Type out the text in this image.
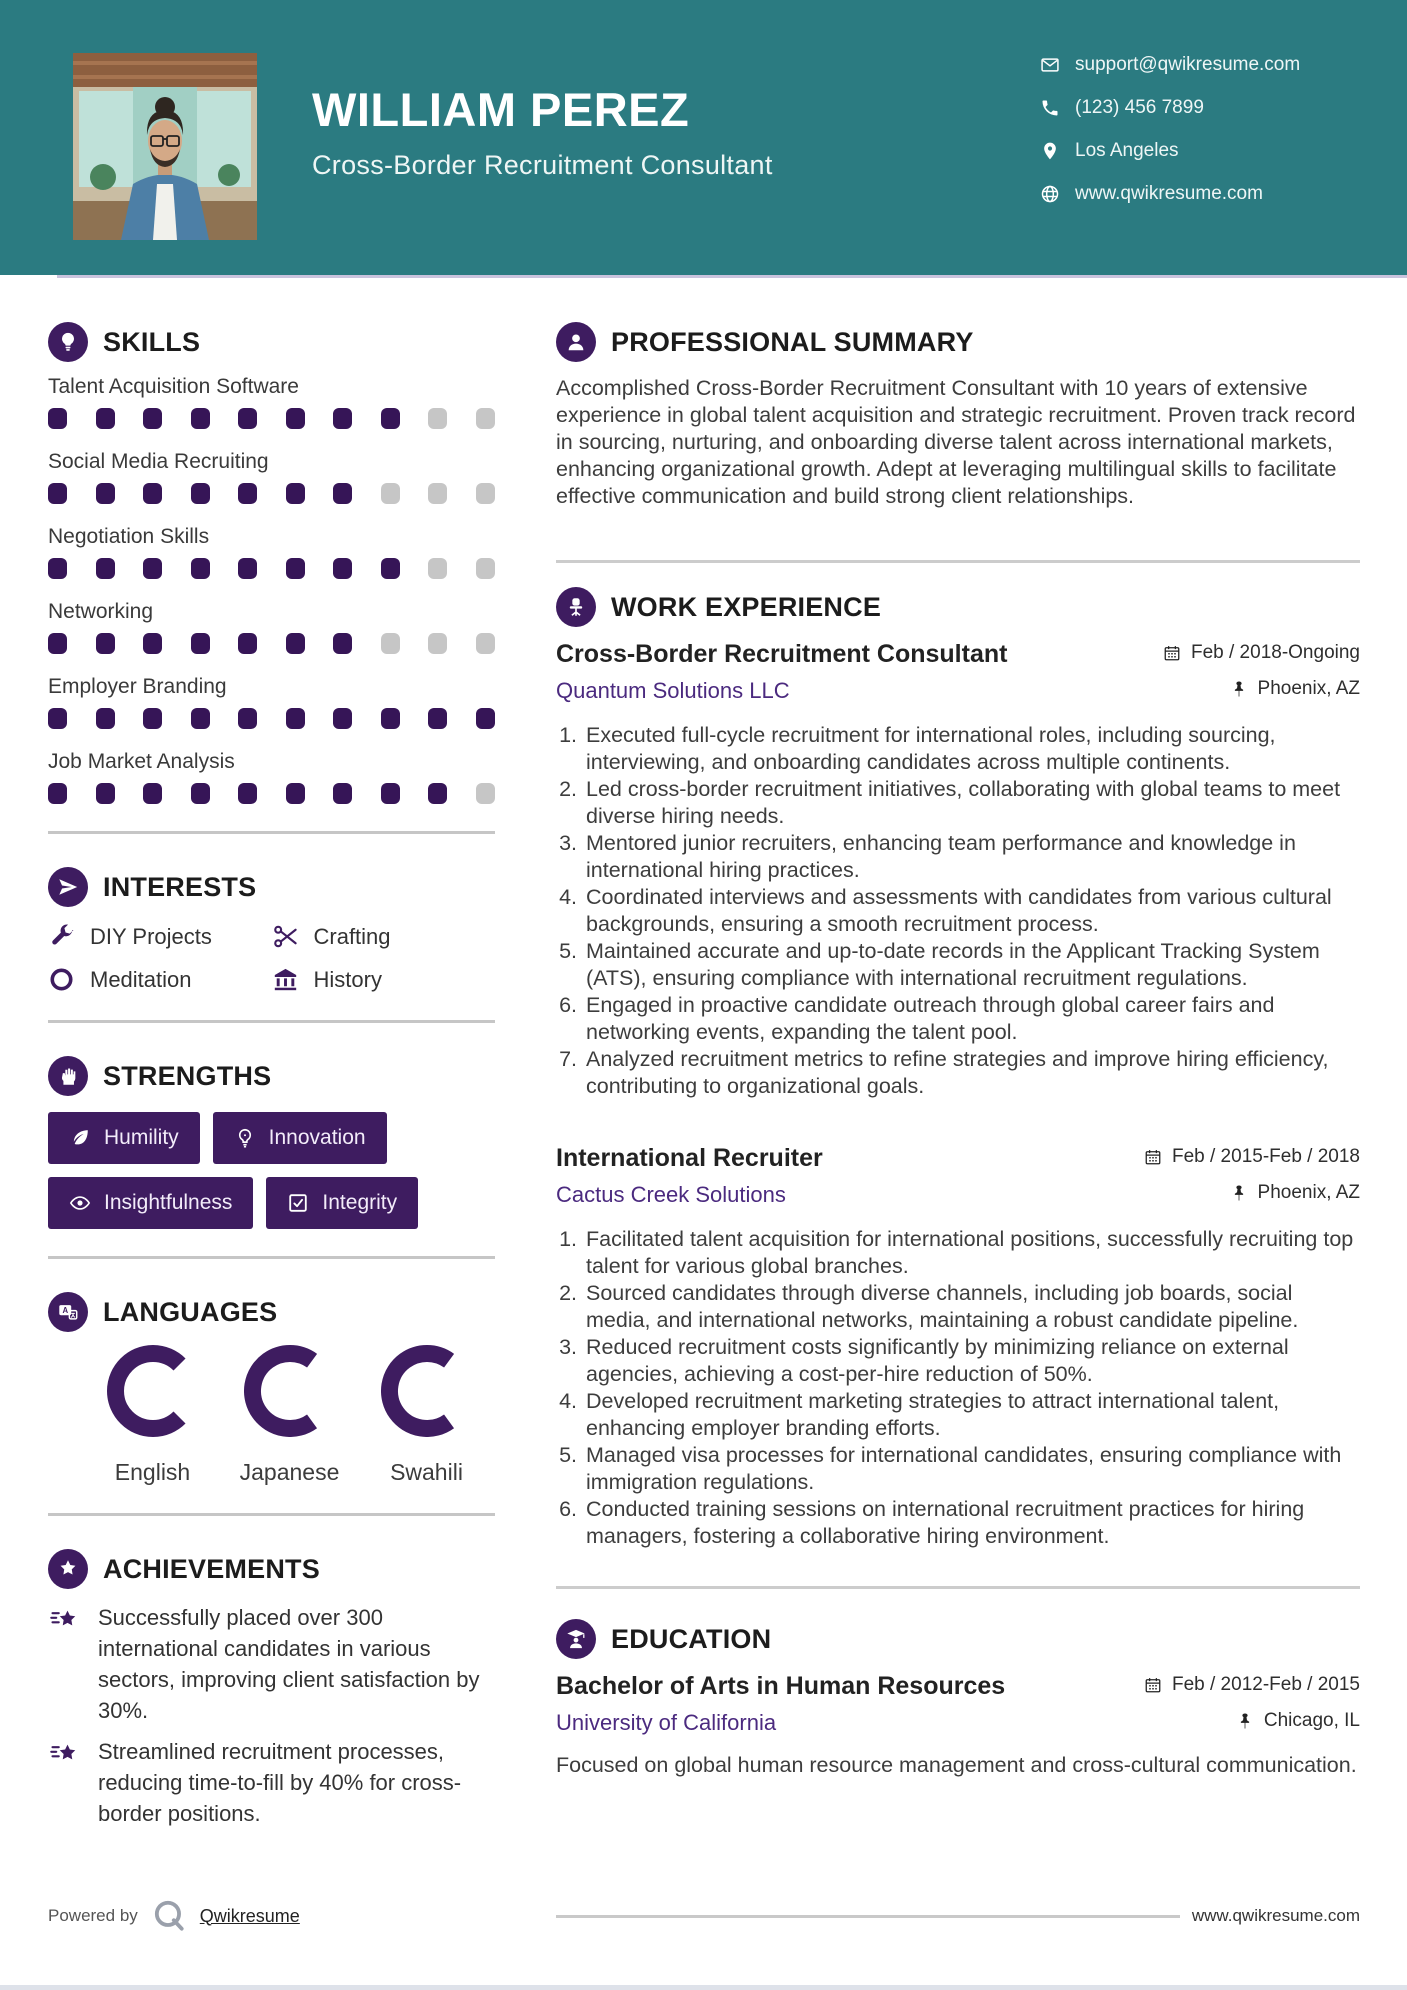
WILLIAM PEREZ
Cross-Border Recruitment Consultant
support@qwikresume.com
(123) 456 7899
Los Angeles
www.qwikresume.com
SKILLS
Talent Acquisition Software
Social Media Recruiting
Negotiation Skills
Networking
Employer Branding
Job Market Analysis
INTERESTS
DIY Projects	Crafting
Meditation	History
STRENGTHS
Humility	Innovation
Insightfulness	Integrity
A LANGUAGES
English Japanese Swahili
ACHIEVEMENTS

Successfully placed over 300 international candidates in various sectors, improving client satisfaction by 30%.

Streamlined recruitment processes, reducing time-to-fill by 40% for cross-border positions.

PROFESSIONAL SUMMARY

Accomplished Cross-Border Recruitment Consultant with 10 years of extensive experience in global talent acquisition and strategic recruitment. Proven track record in sourcing, nurturing, and onboarding diverse talent across international markets, enhancing organizational growth. Adept at leveraging multilingual skills to facilitate effective communication and build strong client relationships.

WORK EXPERIENCE
Cross-Border Recruitment Consultant	Feb / 2018-Ongoing
Quantum Solutions LLC	Phoenix, AZ
1. Executed full-cycle recruitment for international roles, including sourcing, interviewing, and onboarding candidates across multiple continents.
2. Led cross-border recruitment initiatives, collaborating with global teams to meet diverse hiring needs.
3. Mentored junior recruiters, enhancing team performance and knowledge in international hiring practices.
4. Coordinated interviews and assessments with candidates from various cultural backgrounds, ensuring a smooth recruitment process.
5. Maintained accurate and up-to-date records in the Applicant Tracking System (ATS), ensuring compliance with international recruitment regulations.
6. Engaged in proactive candidate outreach through global career fairs and networking events, expanding the talent pool.
7. Analyzed recruitment metrics to refine strategies and improve hiring efficiency, contributing to organizational goals.
International Recruiter	Feb / 2015-Feb / 2018
Cactus Creek Solutions	Phoenix, AZ
1. Facilitated talent acquisition for international positions, successfully recruiting top talent for various global branches.
2. Sourced candidates through diverse channels, including job boards, social media, and international networks, maintaining a robust candidate pipeline.
3. Reduced recruitment costs significantly by minimizing reliance on external agencies, achieving a cost-per-hire reduction of 50%.
4. Developed recruitment marketing strategies to attract international talent, enhancing employer branding efforts.
5. Managed visa processes for international candidates, ensuring compliance with immigration regulations.
6. Conducted training sessions on international recruitment practices for hiring managers, fostering a collaborative hiring environment.
EDUCATION
Bachelor of Arts in Human Resources	Feb / 2012-Feb / 2015
University of California	Chicago, IL

Focused on global human resource management and cross-cultural communication.

Powered by	Qwikresume	www.qwikresume.com
